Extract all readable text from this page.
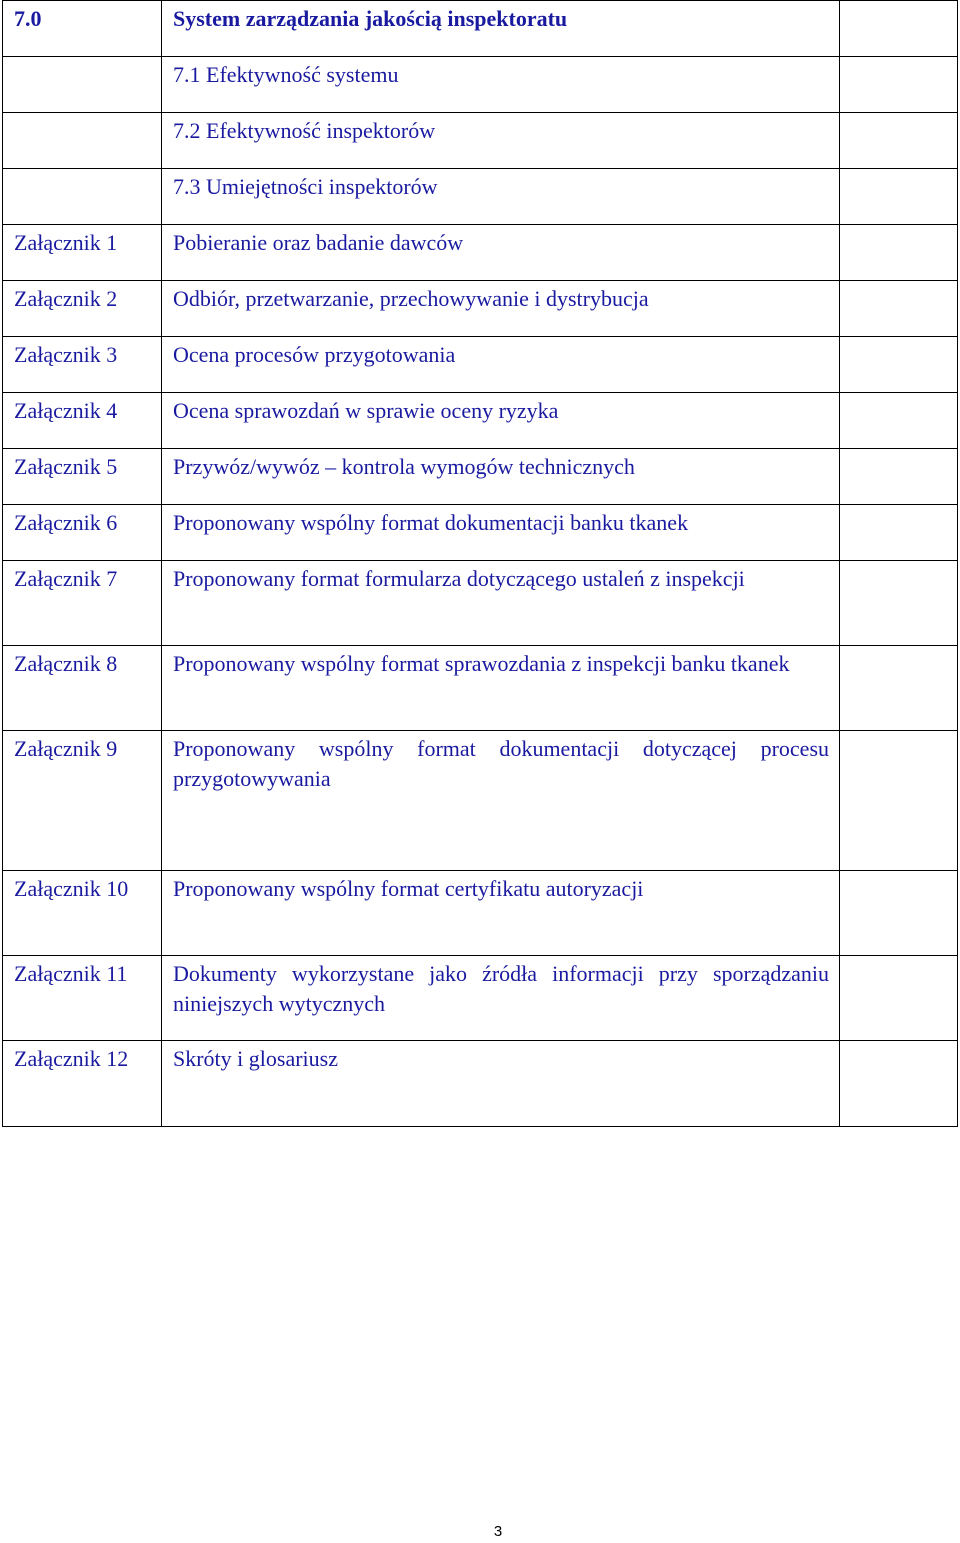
7.0	System zarządzania jakością inspektoratu	
	7.1 Efektywność systemu	
	7.2 Efektywność inspektorów	
	7.3 Umiejętności inspektorów	
Załącznik 1	Pobieranie oraz badanie dawców	
Załącznik 2	Odbiór, przetwarzanie, przechowywanie i dystrybucja	
Załącznik 3	Ocena procesów przygotowania	
Załącznik 4	Ocena sprawozdań w sprawie oceny ryzyka	
Załącznik 5	Przywóz/wywóz – kontrola wymogów technicznych	
Załącznik 6	Proponowany wspólny format dokumentacji banku tkanek	
Załącznik 7	Proponowany format formularza dotyczącego ustaleń z inspekcji	
Załącznik 8	Proponowany wspólny format sprawozdania z inspekcji banku tkanek	
Załącznik 9	Proponowany wspólny format dokumentacji dotyczącej procesu przygotowywania	
Załącznik 10	Proponowany wspólny format certyfikatu autoryzacji	
Załącznik 11	Dokumenty wykorzystane jako źródła informacji przy sporządzaniu niniejszych wytycznych	
Załącznik 12	Skróty i glosariusz	
3
